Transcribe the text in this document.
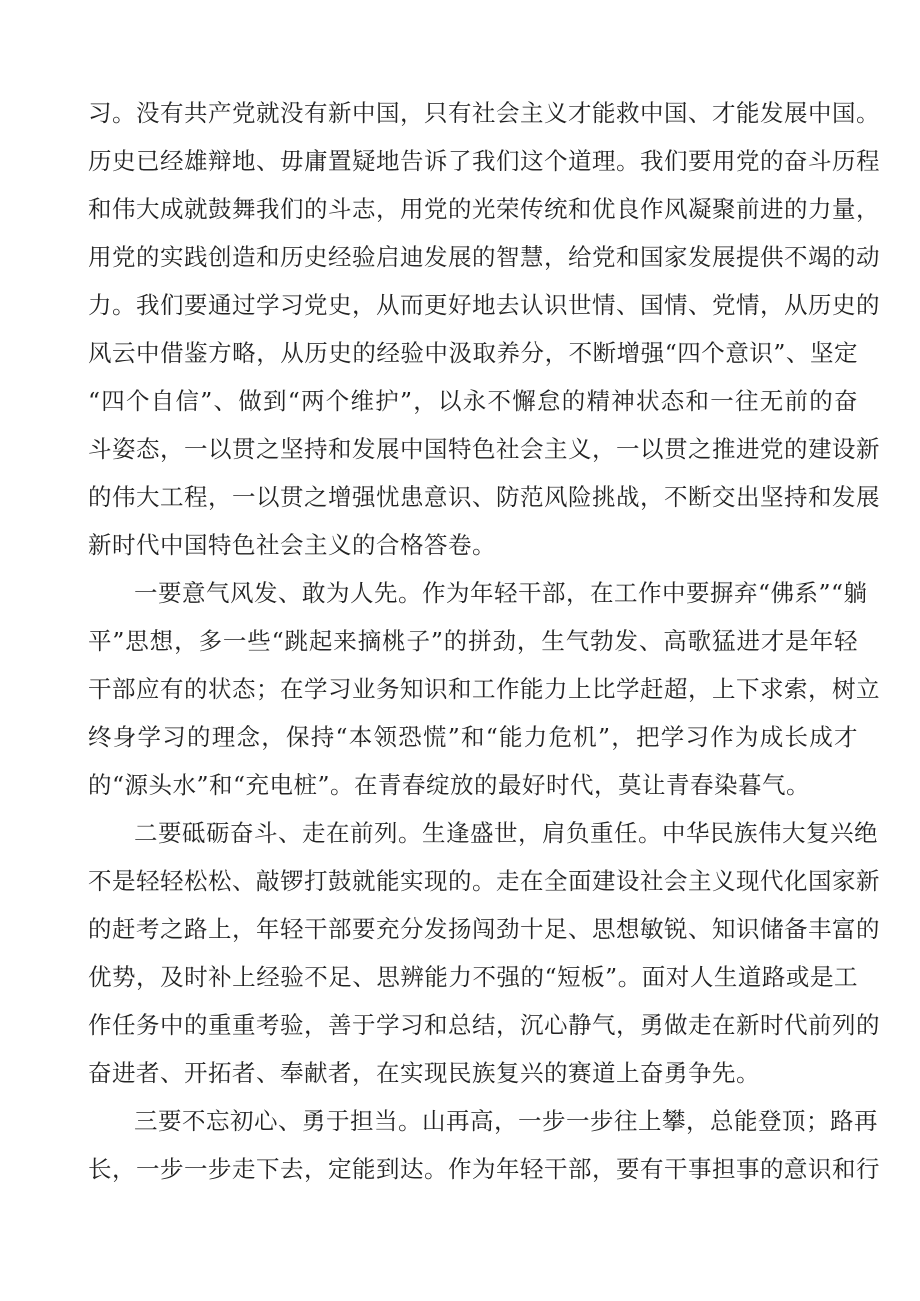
习。没有共产党就没有新中国，只有社会主义才能救中国、才能发展中国。
历史已经雄辩地、毋庸置疑地告诉了我们这个道理。我们要用党的奋斗历程
和伟大成就鼓舞我们的斗志，用党的光荣传统和优良作风凝聚前进的力量，
用党的实践创造和历史经验启迪发展的智慧，给党和国家发展提供不竭的动
力。我们要通过学习党史，从而更好地去认识世情、国情、党情，从历史的
风云中借鉴方略，从历史的经验中汲取养分，不断增强“四个意识”、坚定
“四个自信”、做到“两个维护”，以永不懈怠的精神状态和一往无前的奋
斗姿态，一以贯之坚持和发展中国特色社会主义，一以贯之推进党的建设新
的伟大工程，一以贯之增强忧患意识、防范风险挑战，不断交出坚持和发展
新时代中国特色社会主义的合格答卷。
一要意气风发、敢为人先。作为年轻干部，在工作中要摒弃“佛系”“躺
平”思想，多一些“跳起来摘桃子”的拼劲，生气勃发、高歌猛进才是年轻
干部应有的状态；在学习业务知识和工作能力上比学赶超，上下求索，树立
终身学习的理念，保持“本领恐慌”和“能力危机”，把学习作为成长成才
的“源头水”和“充电桩”。在青春绽放的最好时代，莫让青春染暮气。
二要砥砺奋斗、走在前列。生逢盛世，肩负重任。中华民族伟大复兴绝
不是轻轻松松、敲锣打鼓就能实现的。走在全面建设社会主义现代化国家新
的赶考之路上，年轻干部要充分发扬闯劲十足、思想敏锐、知识储备丰富的
优势，及时补上经验不足、思辨能力不强的“短板”。面对人生道路或是工
作任务中的重重考验，善于学习和总结，沉心静气，勇做走在新时代前列的
奋进者、开拓者、奉献者，在实现民族复兴的赛道上奋勇争先。
三要不忘初心、勇于担当。山再高，一步一步往上攀，总能登顶；路再
长，一步一步走下去，定能到达。作为年轻干部，要有干事担事的意识和行
